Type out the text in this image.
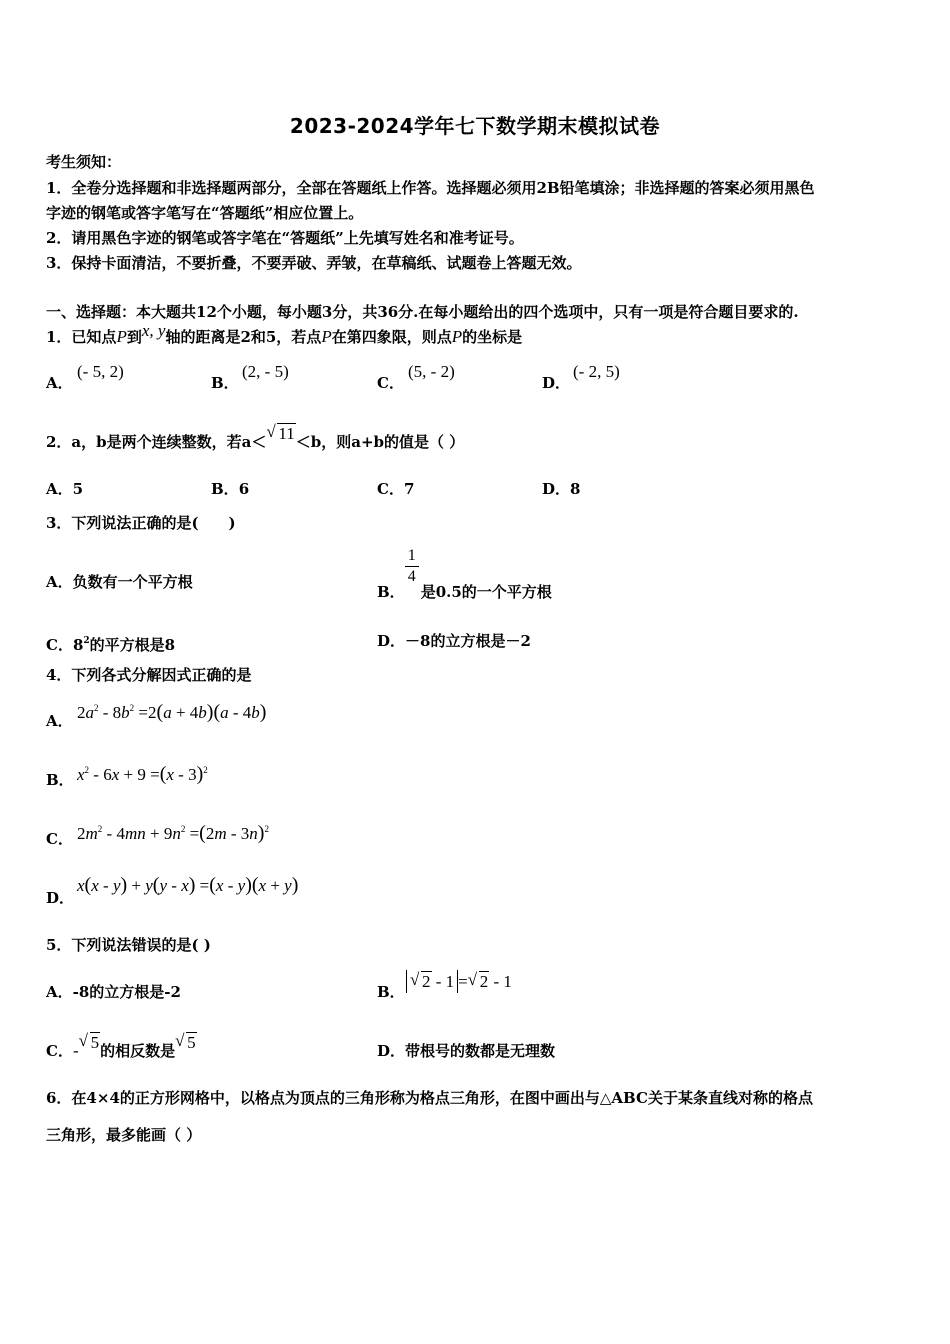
2023-2024学年七下数学期末模拟试卷
考生须知：
1．全卷分选择题和非选择题两部分，全部在答题纸上作答。选择题必须用2B铅笔填涂；非选择题的答案必须用黑色
字迹的钢笔或答字笔写在“答题纸”相应位置上。
2．请用黑色字迹的钢笔或答字笔在“答题纸”上先填写姓名和准考证号。
3．保持卡面清洁，不要折叠，不要弄破、弄皱，在草稿纸、试题卷上答题无效。
一、选择题：本大题共12个小题，每小题3分，共36分.在每小题给出的四个选项中，只有一项是符合题目要求的.
1．已知点P到x, y轴的距离是2和5，若点P在第四象限，则点P的坐标是
A．
(- 5, 2)
B．
(2, - 5)
C．
(5, - 2)
D．
(- 2, 5)
2．a，b是两个连续整数，若a＜
√ 11＜b，则a+b的值是（ ）
A．5	B．6	C．7	D．8
3．下列说法正确的是(　　)
A．负数有一个平方根
B．
$\frac{1}{4}$
是0.5的一个平方根
C．$8^2$的平方根是8	D．－8的立方根是－2
4．下列各式分解因式正确的是
A． $2a^2 - 8b^2 =2(a + 4b)(a - 4b)$
B． $x^2 - 6x + 9 =(x - 3)^2$
C． $2m^2 - 4mn + 9n^2 =(2m - 3n)^2$
D．
x(x - y) + y(y - x) =(x - y)(x + y)
5．下列说法错误的是( )
A．-8的立方根是-2	B．
√ 2 - 1 = √ 2 - 1
C．-
√ 5的相反数是
√ 5	D．带根号的数都是无理数
6．在4×4的正方形网格中，以格点为顶点的三角形称为格点三角形，在图中画出与△ABC关于某条直线对称的格点
三角形，最多能画（ ）
